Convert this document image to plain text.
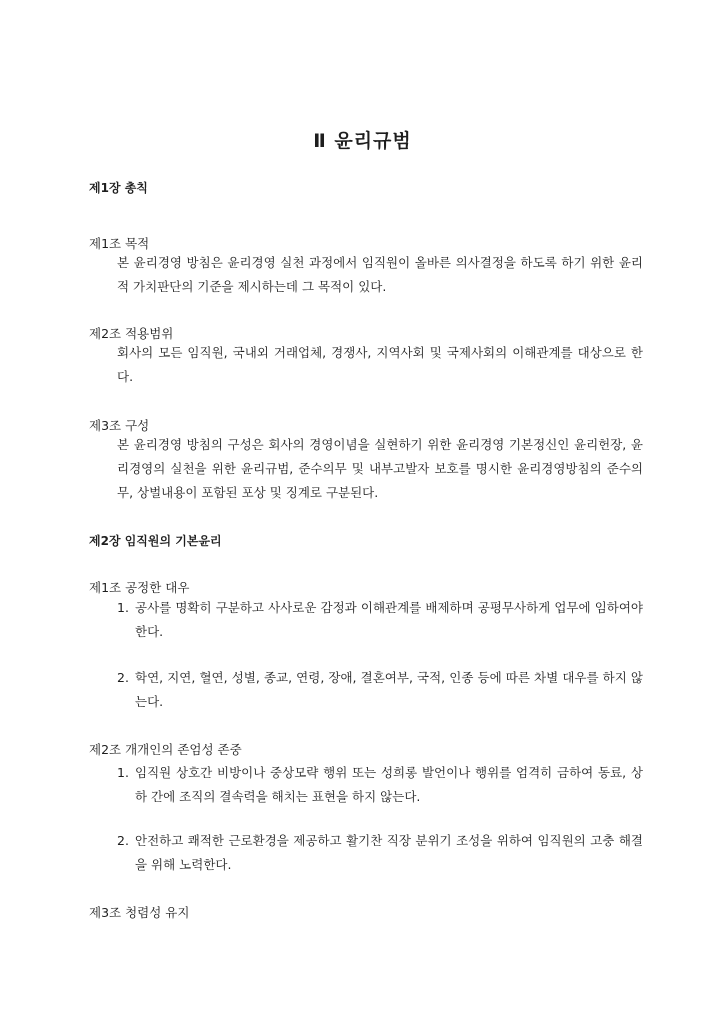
Ⅱ 윤리규범
제1장 총칙
제1조 목적
본 윤리경영 방침은 윤리경영 실천 과정에서 임직원이 올바른 의사결정을 하도록 하기 위한 윤리적 가치판단의 기준을 제시하는데 그 목적이 있다.
제2조 적용범위
회사의 모든 임직원, 국내외 거래업체, 경쟁사, 지역사회 및 국제사회의 이해관계를 대상으로 한다.
제3조 구성
본 윤리경영 방침의 구성은 회사의 경영이념을 실현하기 위한 윤리경영 기본정신인 윤리헌장, 윤리경영의 실천을 위한 윤리규범, 준수의무 및 내부고발자 보호를 명시한 윤리경영방침의 준수의무, 상벌내용이 포함된 포상 및 징계로 구분된다.
제2장 임직원의 기본윤리
제1조 공정한 대우
1. 공사를 명확히 구분하고 사사로운 감정과 이해관계를 배제하며 공평무사하게 업무에 임하여야 한다.
2. 학연, 지연, 혈연, 성별, 종교, 연령, 장애, 결혼여부, 국적, 인종 등에 따른 차별 대우를 하지 않는다.
제2조 개개인의 존엄성 존중
1. 임직원 상호간 비방이나 중상모략 행위 또는 성희롱 발언이나 행위를 엄격히 금하여 동료, 상하 간에 조직의 결속력을 해치는 표현을 하지 않는다.
2. 안전하고 쾌적한 근로환경을 제공하고 활기찬 직장 분위기 조성을 위하여 임직원의 고충 해결을 위해 노력한다.
제3조 청렴성 유지
